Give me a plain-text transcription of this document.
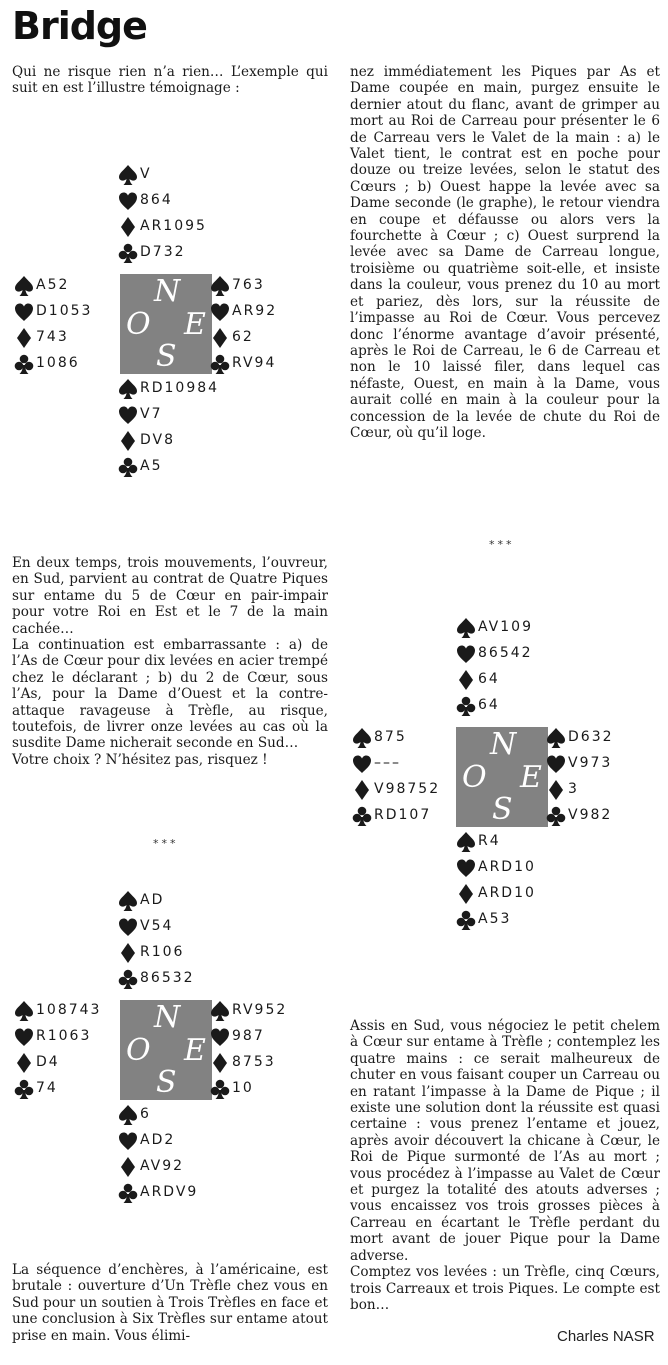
Bridge

Qui ne risque rien n’a rien… L’exemple qui suit en est l’illustre témoignage :

nez immédiatement les Piques par As et Dame coupée en main, purgez ensuite le dernier atout du flanc, avant de grimper au mort au Roi de Carreau pour présenter le 6 de Carreau vers le Valet de la main : a) le Valet tient, le contrat est en poche pour douze ou treize levées, selon le statut des Cœurs ; b) Ouest happe la levée avec sa Dame seconde (le graphe), le retour viendra en coupe et défausse ou alors vers la fourchette à Cœur ; c) Ouest surprend la levée avec sa Dame de Carreau longue, troisième ou quatrième soit-elle, et insiste dans la couleur, vous prenez du 10 au mort et pariez, dès lors, sur la réussite de l’impasse au Roi de Cœur. Vous percevez donc l’énorme avantage d’avoir présenté, après le Roi de Carreau, le 6 de Carreau et non le 10 laissé filer, dans lequel cas néfaste, Ouest, en main à la Dame, vous aurait collé en main à la couleur pour la concession de la levée de chute du Roi de Cœur, où qu’il loge.

V
864
AR1095
D732
A52
D1053
743
1086
N
O E
S
763
AR92
62
RV94
RD10984
V7
DV8
A5
***

En deux temps, trois mouvements, l’ouvreur, en Sud, parvient au contrat de Quatre Piques sur entame du 5 de Cœur en pair-impair pour votre Roi en Est et le 7 de la main cachée…

La continuation est embarrassante : a) de l’As de Cœur pour dix levées en acier trempé chez le déclarant ; b) du 2 de Cœur, sous l’As, pour la Dame d’Ouest et la contre-attaque ravageuse à Trèfle, au risque, toutefois, de livrer onze levées au cas où la susdite Dame nicherait seconde en Sud…

Votre choix ? N’hésitez pas, risquez !

AV109
86542
64
64
875
–––
V98752
RD107
N
O E
S
D632
V973
3
V982
R4
ARD10
ARD10
A53
***
AD
V54
R106
86532
108743
R1063
D4
74
N
O E
S
RV952
987
8753
10
6
AD2
AV92
ARDV9

Assis en Sud, vous négociez le petit chelem à Cœur sur entame à Trèfle ; contemplez les quatre mains : ce serait malheureux de chuter en vous faisant couper un Carreau ou en ratant l’impasse à la Dame de Pique ; il existe une solution dont la réussite est quasi certaine : vous prenez l’entame et jouez, après avoir découvert la chicane à Cœur, le Roi de Pique surmonté de l’As au mort ; vous procédez à l’impasse au Valet de Cœur et purgez la totalité des atouts adverses ; vous encaissez vos trois grosses pièces à Carreau en écartant le Trèfle perdant du mort avant de jouer Pique pour la Dame adverse.

Comptez vos levées : un Trèfle, cinq Cœurs, trois Carreaux et trois Piques. Le compte est bon…

La séquence d’enchères, à l’américaine, est brutale : ouverture d’Un Trèfle chez vous en Sud pour un soutien à Trois Trèfles en face et une conclusion à Six Trèfles sur entame atout prise en main. Vous élimi-	Charles NASR
